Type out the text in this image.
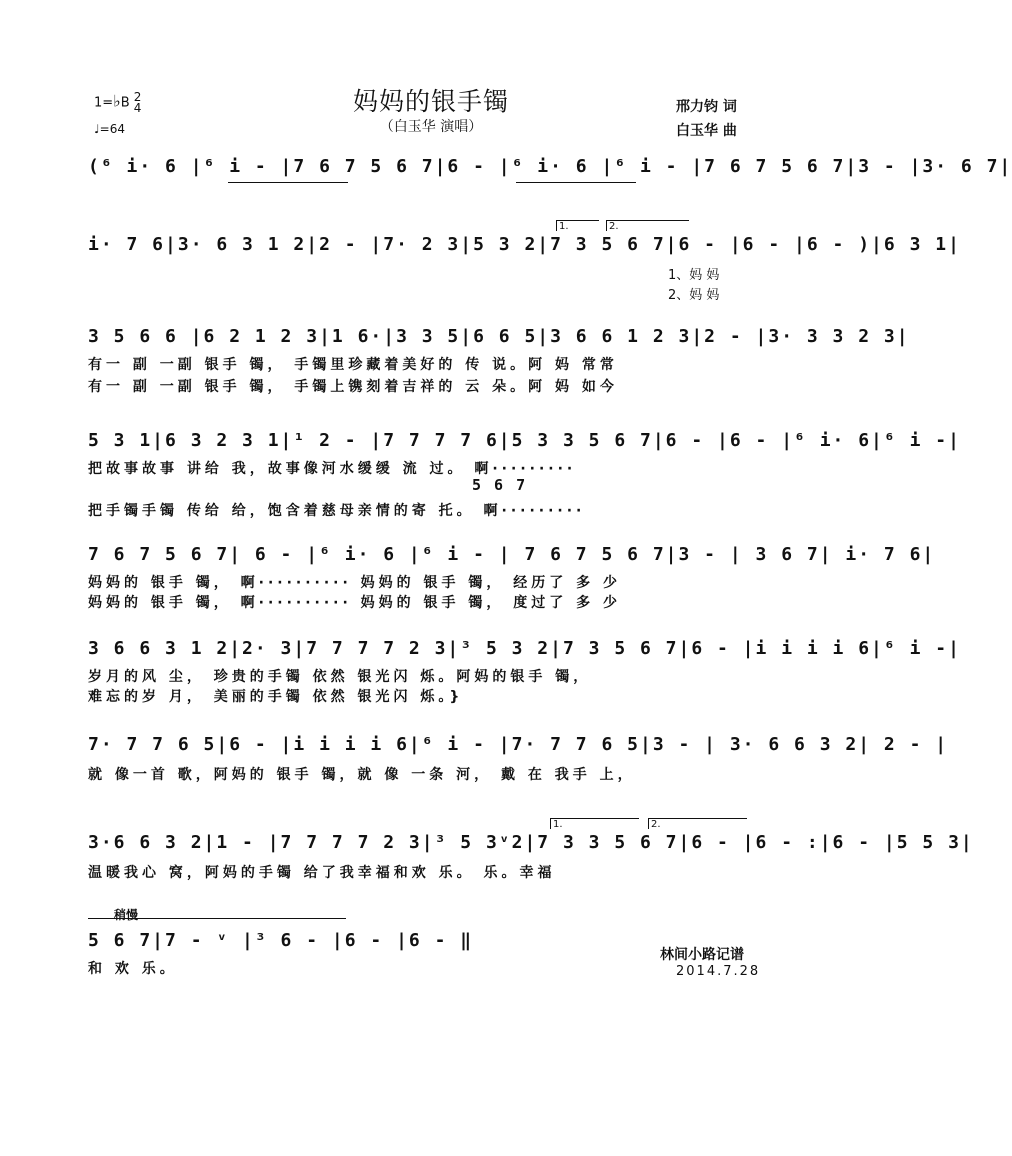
妈妈的银手镯
（白玉华 演唱）
1=♭B 2
4
♩=64
邢力钧 词
白玉华 曲
(⁶ i· 6 |⁶ i - |7 6 7 5 6 7|6 - |⁶ i· 6 |⁶ i - |7 6 7 5 6 7|3 - |3· 6 7|
i· 7 6|3· 6 3 1 2|2 - |7· 2 3|5 3 2|7 3 5 6 7|6 - |6 - |6 - )|6 3 1|
1.	2.
1、妈 妈
2、妈 妈
3 5 6 6 |6 2 1 2 3|1 6·|3 3 5|6 6 5|3 6 6 1 2 3|2 - |3· 3 3 2 3|
有一 副 一副 银手 镯， 手镯里珍藏着美好的 传 说。阿 妈 常常
有一 副 一副 银手 镯， 手镯上镌刻着吉祥的 云 朵。阿 妈 如今
5 3 1|6 3 2 3 1|¹ 2 - |7 7 7 7 6|5 3 3 5 6 7|6 - |6 - |⁶ i· 6|⁶ i -|
把故事故事 讲给 我，故事像河水缓缓 流 过。 啊·········
5 6 7
把手镯手镯 传给 给，饱含着慈母亲情的寄 托。 啊·········
7 6 7 5 6 7| 6 - |⁶ i· 6 |⁶ i - | 7 6 7 5 6 7|3 - | 3 6 7| i· 7 6|
妈妈的 银手 镯， 啊·········· 妈妈的 银手 镯， 经历了 多 少
妈妈的 银手 镯， 啊·········· 妈妈的 银手 镯， 度过了 多 少
3 6 6 3 1 2|2· 3|7 7 7 7 2 3|³ 5 3 2|7 3 5 6 7|6 - |i i i i 6|⁶ i -|
岁月的风 尘， 珍贵的手镯 依然 银光闪 烁。阿妈的银手 镯，
难忘的岁 月， 美丽的手镯 依然 银光闪 烁。}
7· 7 7 6 5|6 - |i i i i 6|⁶ i - |7· 7 7 6 5|3 - | 3· 6 6 3 2| 2 - |
就 像一首 歌，阿妈的 银手 镯，就 像 一条 河， 戴 在 我手 上，
3·6 6 3 2|1 - |7 7 7 7 2 3|³ 5 3ᵛ2|7 3 3 5 6 7|6 - |6 - :|6 - |5 5 3|
1.	2.
温暖我心 窝，阿妈的手镯 给了我幸福和欢 乐。 乐。幸福
稍慢
5 6 7|7 - ᵛ |³ 6 - |6 - |6 - ‖
和 欢 乐。
林间小路记谱
2014.7.28
